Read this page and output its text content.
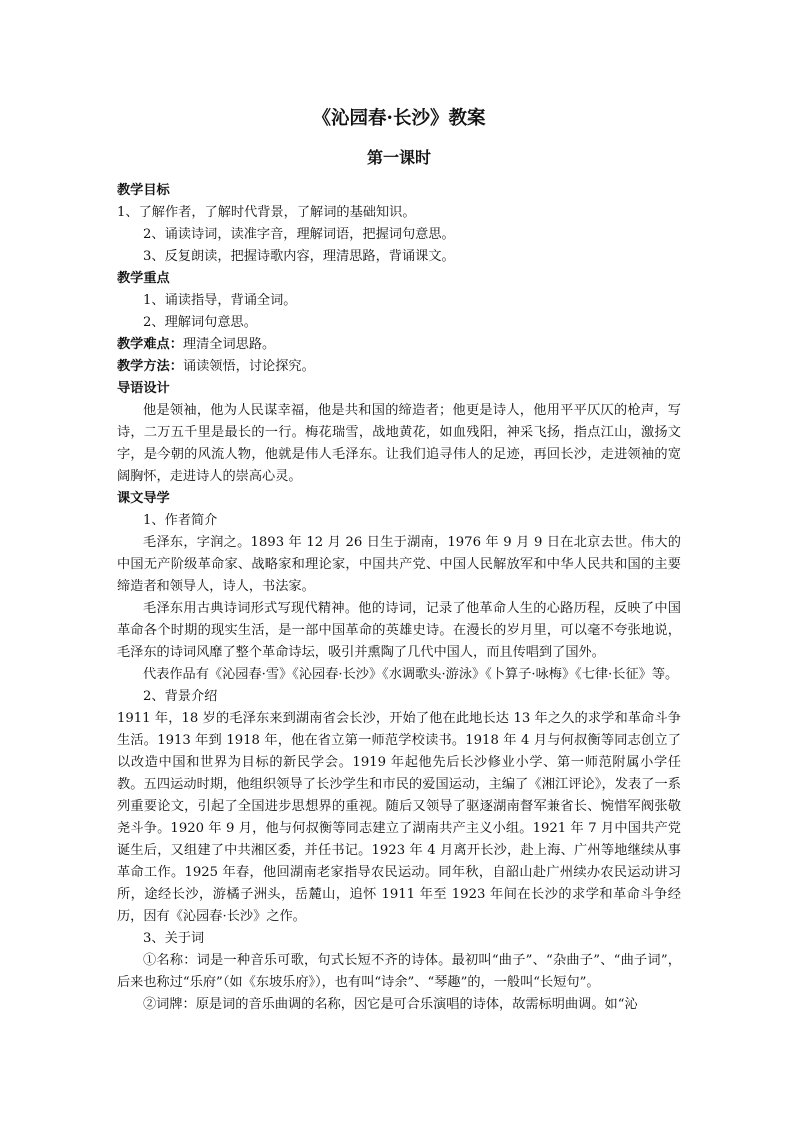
《沁园春·长沙》教案
第一课时

教学目标

1、了解作者，了解时代背景，了解词的基础知识。

2、诵读诗词，读准字音，理解词语，把握词句意思。

3、反复朗读，把握诗歌内容，理清思路，背诵课文。

教学重点

1、诵读指导，背诵全词。

2、理解词句意思。

教学难点：理清全词思路。

教学方法：诵读领悟，讨论探究。

导语设计

他是领袖，他为人民谋幸福，他是共和国的缔造者；他更是诗人，他用平平仄仄的枪声，写诗，二万五千里是最长的一行。梅花瑞雪，战地黄花，如血残阳，神采飞扬，指点江山，激扬文字，是今朝的风流人物，他就是伟人毛泽东。让我们追寻伟人的足迹，再回长沙，走进领袖的宽阔胸怀，走进诗人的崇高心灵。

课文导学

1、作者简介

毛泽东，字润之。1893 年 12 月 26 日生于湖南，1976 年 9 月 9 日在北京去世。伟大的中国无产阶级革命家、战略家和理论家，中国共产党、中国人民解放军和中华人民共和国的主要缔造者和领导人，诗人，书法家。

毛泽东用古典诗词形式写现代精神。他的诗词，记录了他革命人生的心路历程，反映了中国革命各个时期的现实生活，是一部中国革命的英雄史诗。在漫长的岁月里，可以毫不夸张地说，毛泽东的诗词风靡了整个革命诗坛，吸引并熏陶了几代中国人，而且传唱到了国外。

代表作品有《沁园春·雪》《沁园春·长沙》《水调歌头·游泳》《卜算子·咏梅》《七律·长征》等。

2、背景介绍

1911 年，18 岁的毛泽东来到湖南省会长沙，开始了他在此地长达 13 年之久的求学和革命斗争生活。1913 年到 1918 年，他在省立第一师范学校读书。1918 年 4 月与何叔衡等同志创立了以改造中国和世界为目标的新民学会。1919 年起他先后长沙修业小学、第一师范附属小学任教。五四运动时期，他组织领导了长沙学生和市民的爱国运动，主编了《湘江评论》，发表了一系列重要论文，引起了全国进步思想界的重视。随后又领导了驱逐湖南督军兼省长、惋惜军阀张敬尧斗争。1920 年 9 月，他与何叔衡等同志建立了湖南共产主义小组。1921 年 7 月中国共产党诞生后，又组建了中共湘区委，并任书记。1923 年 4 月离开长沙，赴上海、广州等地继续从事革命工作。1925 年春，他回湖南老家指导农民运动。同年秋，自韶山赴广州续办农民运动讲习所，途经长沙，游橘子洲头，岳麓山，追怀 1911 年至 1923 年间在长沙的求学和革命斗争经历，因有《沁园春·长沙》之作。

3、关于词

①名称：词是一种音乐可歌，句式长短不齐的诗体。最初叫“曲子”、“杂曲子”、“曲子词”，后来也称过“乐府”（如《东坡乐府》），也有叫“诗余”、“琴趣”的，一般叫“长短句”。

②词牌：原是词的音乐曲调的名称，因它是可合乐演唱的诗体，故需标明曲调。如“沁
